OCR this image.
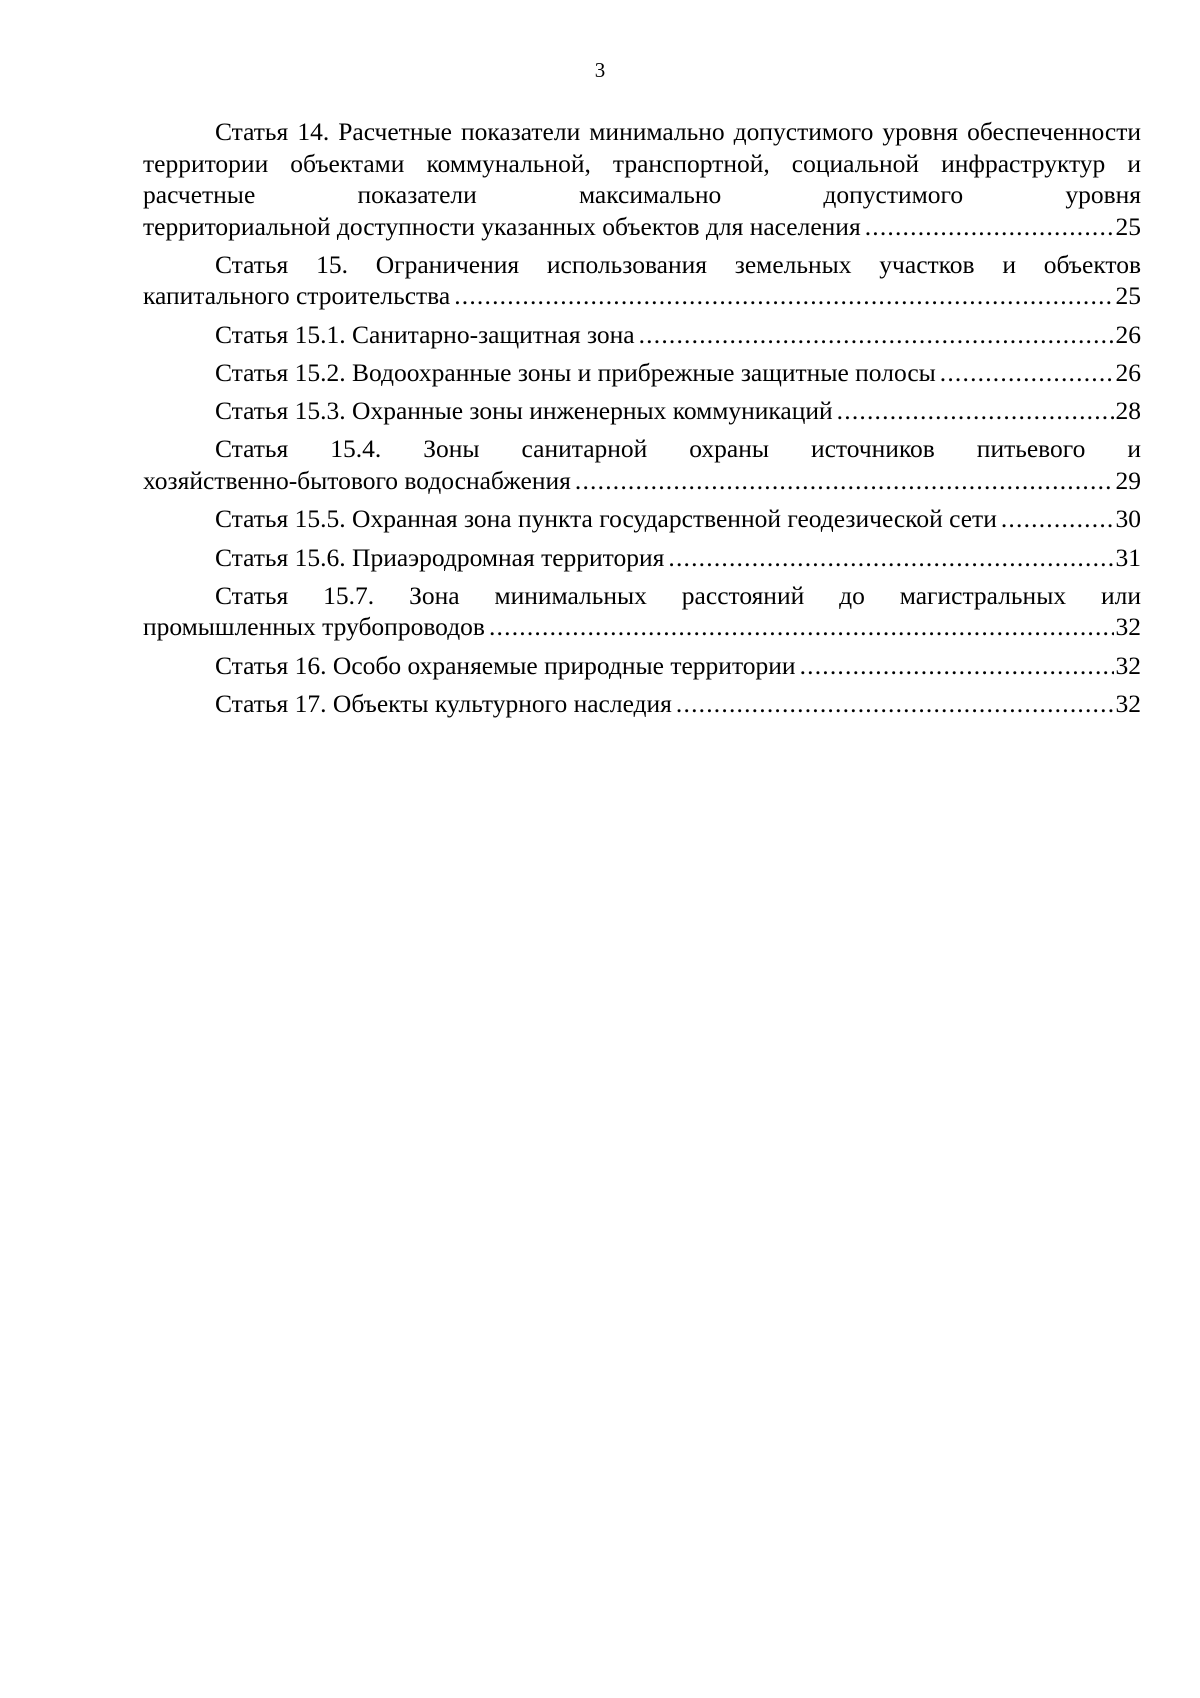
3
Статья 14. Расчетные показатели минимально допустимого уровня обеспеченности территории объектами коммунальной, транспортной, социальной инфраструктур и расчетные показатели максимально допустимого уровня
территориальной доступности указанных объектов для населения .....	25
Статья 15. Ограничения использования земельных участков и объектов
капитального строительства .....	25
Статья 15.1. Санитарно-защитная зона .....	26
Статья 15.2. Водоохранные зоны и прибрежные защитные полосы .....	26
Статья 15.3. Охранные зоны инженерных коммуникаций .....	28
Статья 15.4. Зоны санитарной охраны источников питьевого и
хозяйственно-бытового водоснабжения .....	29
Статья 15.5. Охранная зона пункта государственной геодезической сети .....	30
Статья 15.6. Приаэродромная территория .....	31
Статья 15.7. Зона минимальных расстояний до магистральных или
промышленных трубопроводов .....	32
Статья 16. Особо охраняемые природные территории .....	32
Статья 17. Объекты культурного наследия .....	32
